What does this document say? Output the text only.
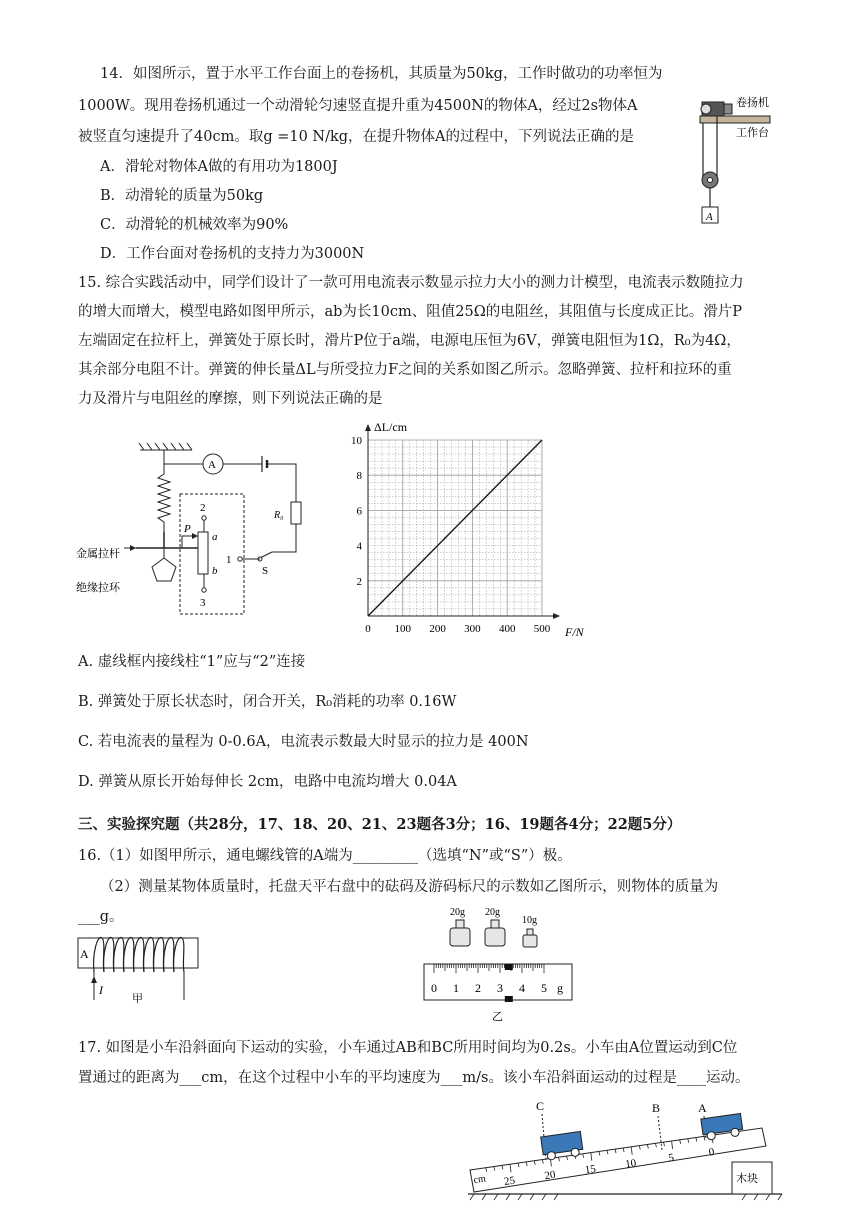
14．如图所示，置于水平工作台面上的卷扬机，其质量为50kg，工作时做功的功率恒为
1000W。现用卷扬机通过一个动滑轮匀速竖直提升重为4500N的物体A，经过2s物体A
被竖直匀速提升了40cm。取g =10 N/kg，在提升物体A的过程中，下列说法正确的是
A．滑轮对物体A做的有用功为1800J
B．动滑轮的质量为50kg
C．动滑轮的机械效率为90%
D．工作台面对卷扬机的支持力为3000N
卷扬机
工作台
A
15. 综合实践活动中，同学们设计了一款可用电流表示数显示拉力大小的测力计模型，电流表示数随拉力
的增大而增大，模型电路如图甲所示，ab为长10cm、阻值25Ω的电阻丝，其阻值与长度成正比。滑片P
左端固定在拉杆上，弹簧处于原长时，滑片P位于a端，电源电压恒为6V，弹簧电阻恒为1Ω，R₀为4Ω，
其余部分电阻不计。弹簧的伸长量ΔL与所受拉力F之间的关系如图乙所示。忽略弹簧、拉杆和拉环的重
力及滑片与电阻丝的摩擦，则下列说法正确的是
A
R₀
S
2
a
b
P
3
1
金属拉杆
绝缘拉环
0 100 200 300 400 500
2
4
6
8
10
ΔL/cm
F/N
A. 虚线框内接线柱“1”应与“2”连接
B. 弹簧处于原长状态时，闭合开关，R₀消耗的功率 0.16W
C. 若电流表的量程为 0-0.6A，电流表示数最大时显示的拉力是 400N
D. 弹簧从原长开始每伸长 2cm，电路中电流均增大 0.04A
三、实验探究题（共28分，17、18、20、21、23题各3分；16、19题各4分；22题5分）
16.（1）如图甲所示，通电螺线管的A端为_________（选填“N”或“S”）极。
（2）测量某物体质量时，托盘天平右盘中的砝码及游码标尺的示数如乙图所示，则物体的质量为
___g。
A
I
甲
20g 20g
10g
0 1 2 3 4 5 g
乙
17. 如图是小车沿斜面向下运动的实验，小车通过AB和BC所用时间均为0.2s。小车由A位置运动到C位
置通过的距离为___cm，在这个过程中小车的平均速度为___m/s。该小车沿斜面运动的过程是____运动。
25	20	15	10	5	0
cm	木块
C	B	A
